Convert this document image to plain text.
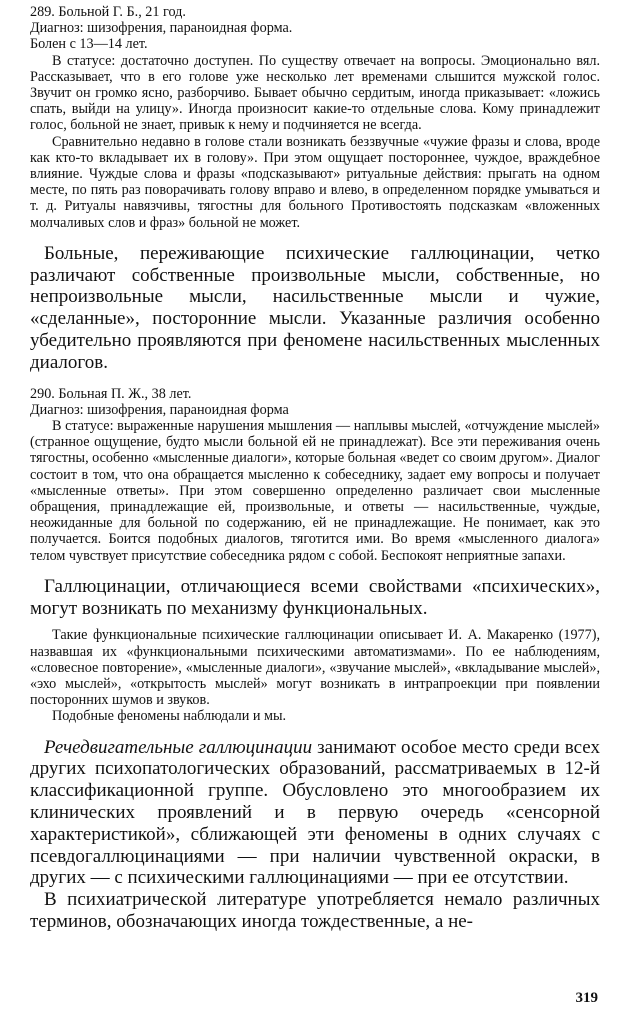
289. Больной Г. Б., 21 год.

Диагноз: шизофрения, параноидная форма.

Болен с 13—14 лет.

В статусе: достаточно доступен. По существу отвечает на вопросы. Эмоционально вял. Рассказывает, что в его голове уже несколько лет временами слышится мужской голос. Звучит он громко ясно, разборчиво. Бывает обычно сердитым, иногда приказывает: «ложись спать, выйди на улицу». Иногда произносит какие-то отдельные слова. Кому принадлежит голос, больной не знает, привык к нему и подчиняется не всегда.

Сравнительно недавно в голове стали возникать беззвучные «чужие фразы и слова, вроде как кто-то вкладывает их в голову». При этом ощущает постороннее, чуждое, враждебное влияние. Чуждые слова и фразы «подсказывают» ритуальные действия: прыгать на одном месте, по пять раз поворачивать голову вправо и влево, в определенном порядке умываться и т. д. Ритуалы навязчивы, тягостны для больного Противостоять подсказкам «вложенных молчаливых слов и фраз» больной не может.

Больные, переживающие психические галлюцинации, четко различают собственные произвольные мысли, собственные, но непроизвольные мысли, насильственные мысли и чужие, «сделанные», посторонние мысли. Указанные различия особенно убедительно проявляются при феномене насильственных мысленных диалогов.

290. Больная П. Ж., 38 лет.

Диагноз: шизофрения, параноидная форма

В статусе: выраженные нарушения мышления — наплывы мыслей, «отчуждение мыслей» (странное ощущение, будто мысли больной ей не принадлежат). Все эти переживания очень тягостны, особенно «мысленные диалоги», которые больная «ведет со своим другом». Диалог состоит в том, что она обращается мысленно к собеседнику, задает ему вопросы и получает «мысленные ответы». При этом совершенно определенно различает свои мысленные обращения, принадлежащие ей, произвольные, и ответы — насильственные, чуждые, неожиданные для больной по содержанию, ей не принадлежащие. Не понимает, как это получается. Боится подобных диалогов, тяготится ими. Во время «мысленного диалога» телом чувствует присутствие собеседника рядом с собой. Беспокоят неприятные запахи.

Галлюцинации, отличающиеся всеми свойствами «психических», могут возникать по механизму функциональных.

Такие функциональные психические галлюцинации описывает И. А. Макаренко (1977), назвавшая их «функциональными психическими автоматизмами». По ее наблюдениям, «словесное повторение», «мысленные диалоги», «звучание мыслей», «вкладывание мыслей», «эхо мыслей», «открытость мыслей» могут возникать в интрапроекции при появлении посторонних шумов и звуков.

Подобные феномены наблюдали и мы.

Речедвигательные галлюцинации занимают особое место среди всех других психопатологических образований, рассматриваемых в 12-й классификационной группе. Обусловлено это многообразием их клинических проявлений и в первую очередь «сенсорной характеристикой», сближающей эти феномены в одних случаях с псевдогаллюцинациями — при наличии чувственной окраски, в других — с психическими галлюцинациями — при ее отсутствии.

В психиатрической литературе употребляется немало различных терминов, обозначающих иногда тождественные, а не-

319
